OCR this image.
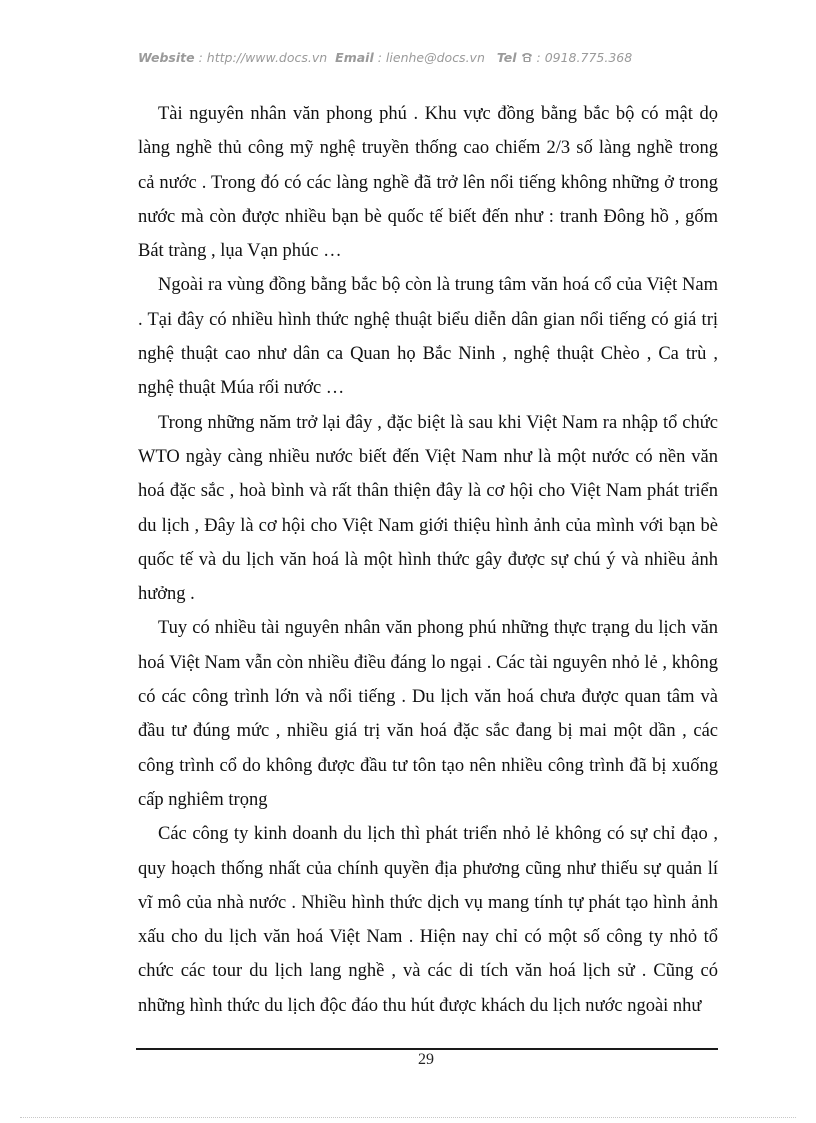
Website : http://www.docs.vn Email : lienhe@docs.vn Tel : 0918.775.368

Tài nguyên nhân văn phong phú . Khu vực đồng bằng bắc bộ có mật dọ làng nghề thủ công mỹ nghệ truyền thống cao chiếm 2/3 số làng nghề trong cả nước . Trong đó có các làng nghề đã trở lên nổi tiếng không những ở trong nước mà còn được nhiều bạn bè quốc tế biết đến như : tranh Đông hồ , gốm Bát tràng , lụa Vạn phúc …

Ngoài ra vùng đồng bằng bắc bộ còn là trung tâm văn hoá cổ của Việt Nam . Tại đây có nhiều hình thức nghệ thuật biểu diễn dân gian nổi tiếng có giá trị nghệ thuật cao như dân ca Quan họ Bắc Ninh , nghệ thuật Chèo , Ca trù , nghệ thuật Múa rối nước …

Trong những năm trở lại đây , đặc biệt là sau khi Việt Nam ra nhập tổ chức WTO ngày càng nhiều nước biết đến Việt Nam như là một nước có nền văn hoá đặc sắc , hoà bình và rất thân thiện đây là cơ hội cho Việt Nam phát triển du lịch , Đây là cơ hội cho Việt Nam giới thiệu hình ảnh của mình với bạn bè quốc tế và du lịch văn hoá là một hình thức gây được sự chú ý và nhiều ảnh hưởng .

Tuy có nhiều tài nguyên nhân văn phong phú những thực trạng du lịch văn hoá Việt Nam vẫn còn nhiều điều đáng lo ngại . Các tài nguyên nhỏ lẻ , không có các công trình lớn và nổi tiếng . Du lịch văn hoá chưa được quan tâm và đầu tư đúng mức , nhiều giá trị văn hoá đặc sắc đang bị mai một dần , các công trình cổ do không được đầu tư tôn tạo nên nhiều công trình đã bị xuống cấp nghiêm trọng

Các công ty kinh doanh du lịch thì phát triển nhỏ lẻ không có sự chỉ đạo , quy hoạch thống nhất của chính quyền địa phương cũng như thiếu sự quản lí vĩ mô của nhà nước . Nhiều hình thức dịch vụ mang tính tự phát tạo hình ảnh xấu cho du lịch văn hoá Việt Nam . Hiện nay chỉ có một số công ty nhỏ tổ chức các tour du lịch lang nghề , và các di tích văn hoá lịch sử . Cũng có những hình thức du lịch độc đáo thu hút được khách du lịch nước ngoài như

29
